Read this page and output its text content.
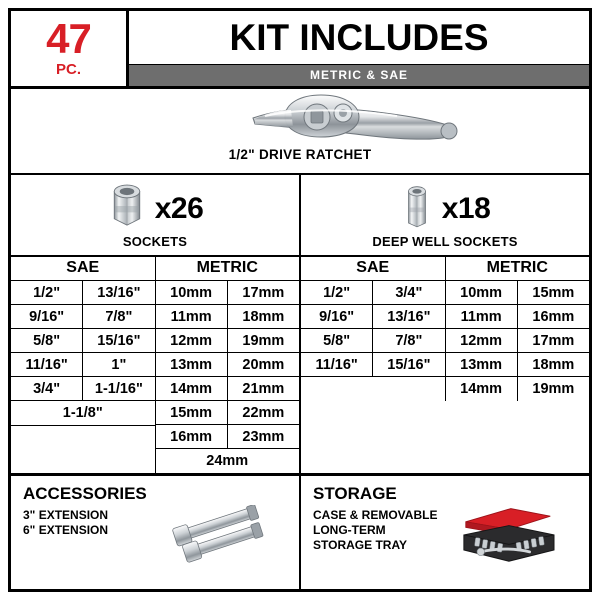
47
PC.
KIT INCLUDES
METRIC & SAE
1/2" DRIVE RATCHET
x26
SOCKETS
x18
DEEP WELL SOCKETS
SAE	METRIC
1/2"
9/16"
5/8"
11/16"
3/4"
13/16"
7/8"
15/16"
1"
1-1/16"
1-1/8"
10mm
11mm
12mm
13mm
14mm
15mm
16mm
17mm
18mm
19mm
20mm
21mm
22mm
23mm
24mm
SAE	METRIC
1/2"
9/16"
5/8"
11/16"
3/4"
13/16"
7/8"
15/16"
10mm
11mm
12mm
13mm
14mm
15mm
16mm
17mm
18mm
19mm
ACCESSORIES
3" EXTENSION
6" EXTENSION
STORAGE
CASE & REMOVABLE
LONG-TERM
STORAGE TRAY
